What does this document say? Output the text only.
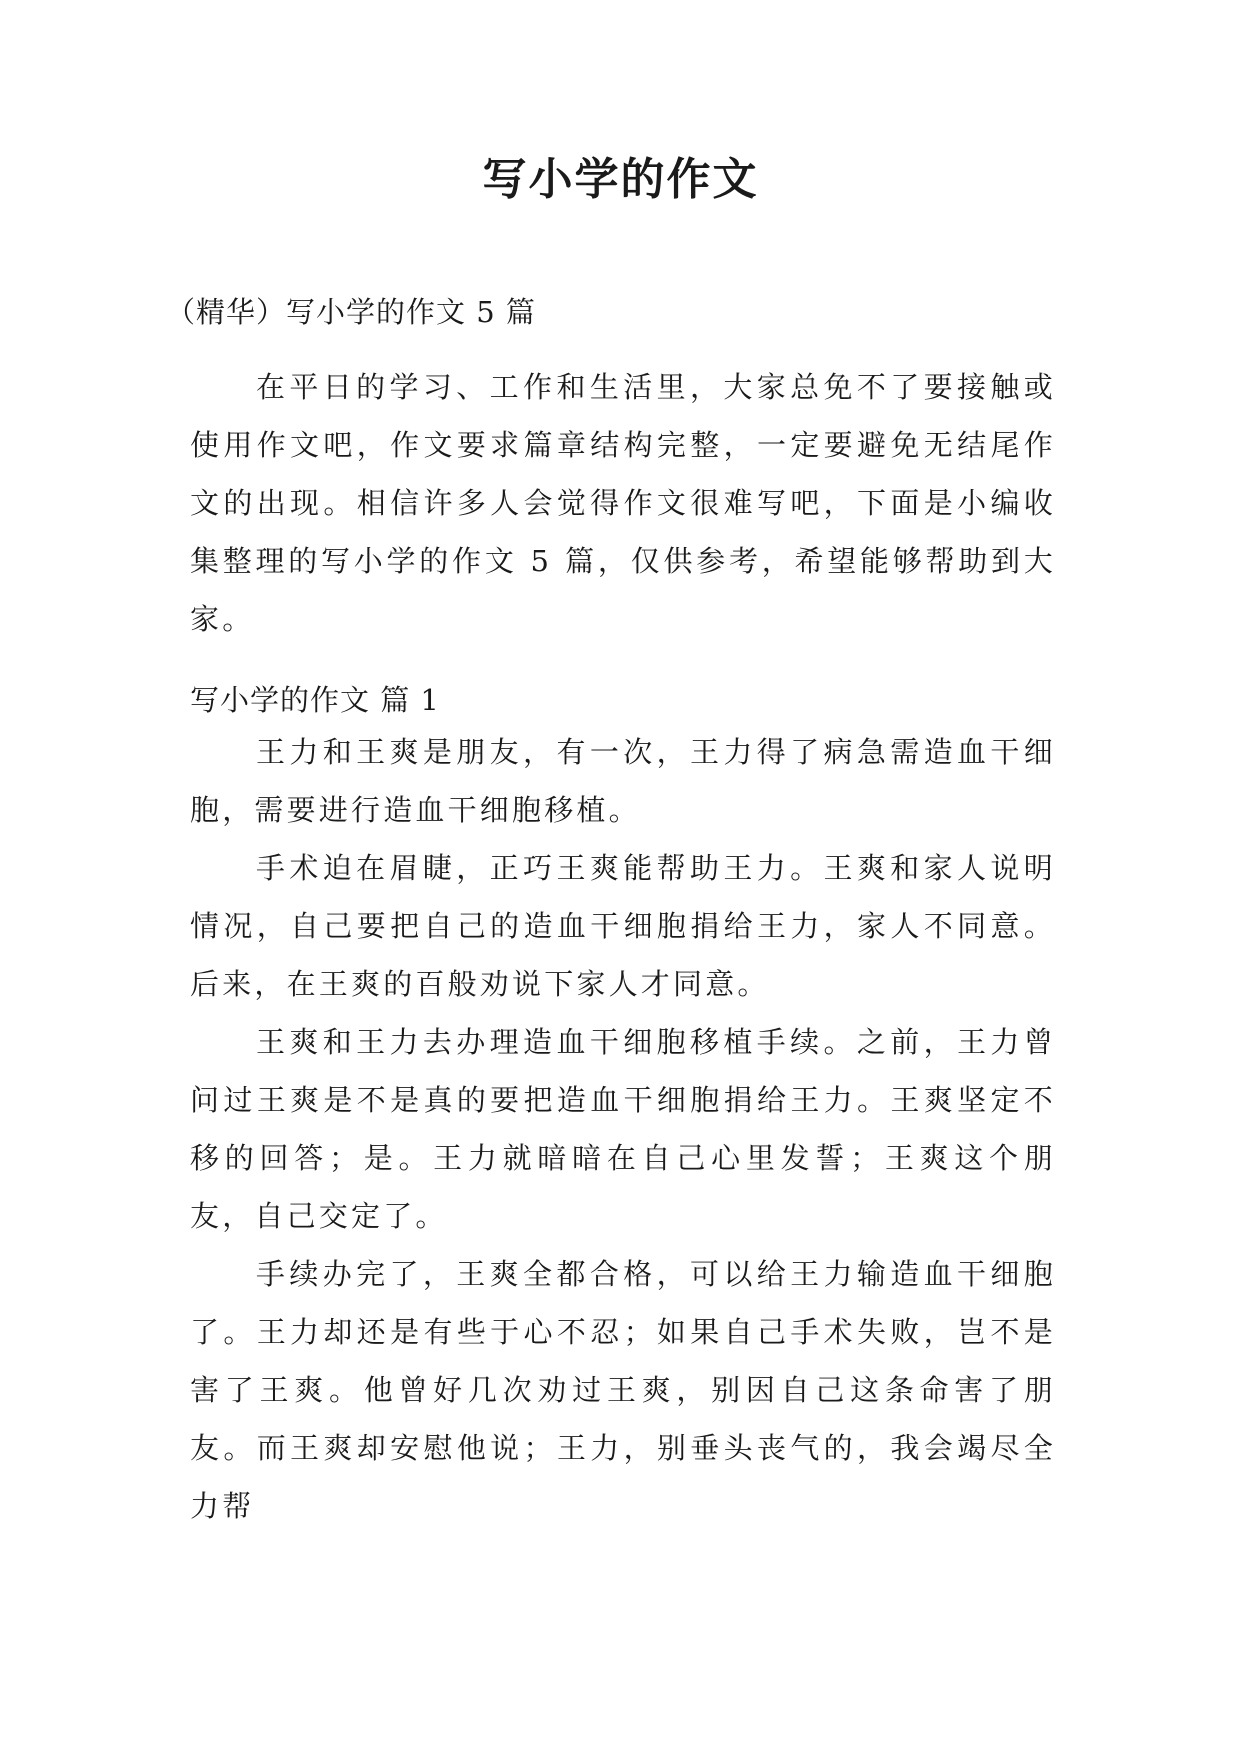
写小学的作文
（精华）写小学的作文 5 篇

在平日的学习、工作和生活里，大家总免不了要接触或使用作文吧，作文要求篇章结构完整，一定要避免无结尾作文的出现。相信许多人会觉得作文很难写吧，下面是小编收集整理的写小学的作文 5 篇，仅供参考，希望能够帮助到大家。

写小学的作文 篇 1

王力和王爽是朋友，有一次，王力得了病急需造血干细胞，需要进行造血干细胞移植。

手术迫在眉睫，正巧王爽能帮助王力。王爽和家人说明情况，自己要把自己的造血干细胞捐给王力，家人不同意。后来，在王爽的百般劝说下家人才同意。

王爽和王力去办理造血干细胞移植手续。之前，王力曾问过王爽是不是真的要把造血干细胞捐给王力。王爽坚定不移的回答；是。王力就暗暗在自己心里发誓；王爽这个朋友，自己交定了。

手续办完了，王爽全都合格，可以给王力输造血干细胞了。王力却还是有些于心不忍；如果自己手术失败，岂不是害了王爽。他曾好几次劝过王爽，别因自己这条命害了朋友。而王爽却安慰他说；王力，别垂头丧气的，我会竭尽全力帮
